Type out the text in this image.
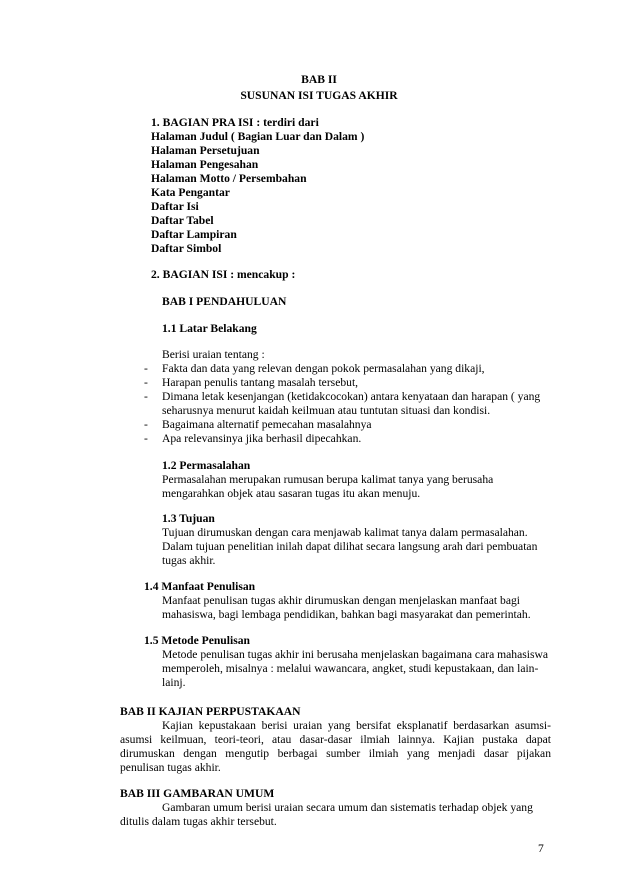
BAB II
SUSUNAN ISI TUGAS AKHIR
1. BAGIAN PRA ISI : terdiri dari
Halaman Judul ( Bagian Luar dan Dalam )
Halaman Persetujuan
Halaman Pengesahan
Halaman Motto / Persembahan
Kata Pengantar
Daftar Isi
Daftar Tabel
Daftar Lampiran
Daftar Simbol
2. BAGIAN ISI : mencakup :
BAB I PENDAHULUAN
1.1 Latar Belakang
Berisi uraian tentang :
- Fakta dan data yang relevan dengan pokok permasalahan yang dikaji,
- Harapan penulis tantang masalah tersebut,
- Dimana letak kesenjangan (ketidakcocokan) antara kenyataan dan harapan ( yang
seharusnya menurut kaidah keilmuan atau tuntutan situasi dan kondisi.
- Bagaimana alternatif pemecahan masalahnya
- Apa relevansinya jika berhasil dipecahkan.
1.2 Permasalahan
Permasalahan merupakan rumusan berupa kalimat tanya yang berusaha
mengarahkan objek atau sasaran tugas itu akan menuju.
1.3 Tujuan
Tujuan dirumuskan dengan cara menjawab kalimat tanya dalam permasalahan.
Dalam tujuan penelitian inilah dapat dilihat secara langsung arah dari pembuatan
tugas akhir.
1.4 Manfaat Penulisan
Manfaat penulisan tugas akhir dirumuskan dengan menjelaskan manfaat bagi
mahasiswa, bagi lembaga pendidikan, bahkan bagi masyarakat dan pemerintah.
1.5 Metode Penulisan
Metode penulisan tugas akhir ini berusaha menjelaskan bagaimana cara mahasiswa
memperoleh, misalnya : melalui wawancara, angket, studi kepustakaan, dan lain-
lainj.
BAB II KAJIAN PERPUSTAKAAN
Kajian kepustakaan berisi uraian yang bersifat eksplanatif berdasarkan asumsi-
asumsi keilmuan, teori-teori, atau dasar-dasar ilmiah lainnya. Kajian pustaka dapat
dirumuskan dengan mengutip berbagai sumber ilmiah yang menjadi dasar pijakan
penulisan tugas akhir.
BAB III GAMBARAN UMUM
Gambaran umum berisi uraian secara umum dan sistematis terhadap objek yang
ditulis dalam tugas akhir tersebut.
7
